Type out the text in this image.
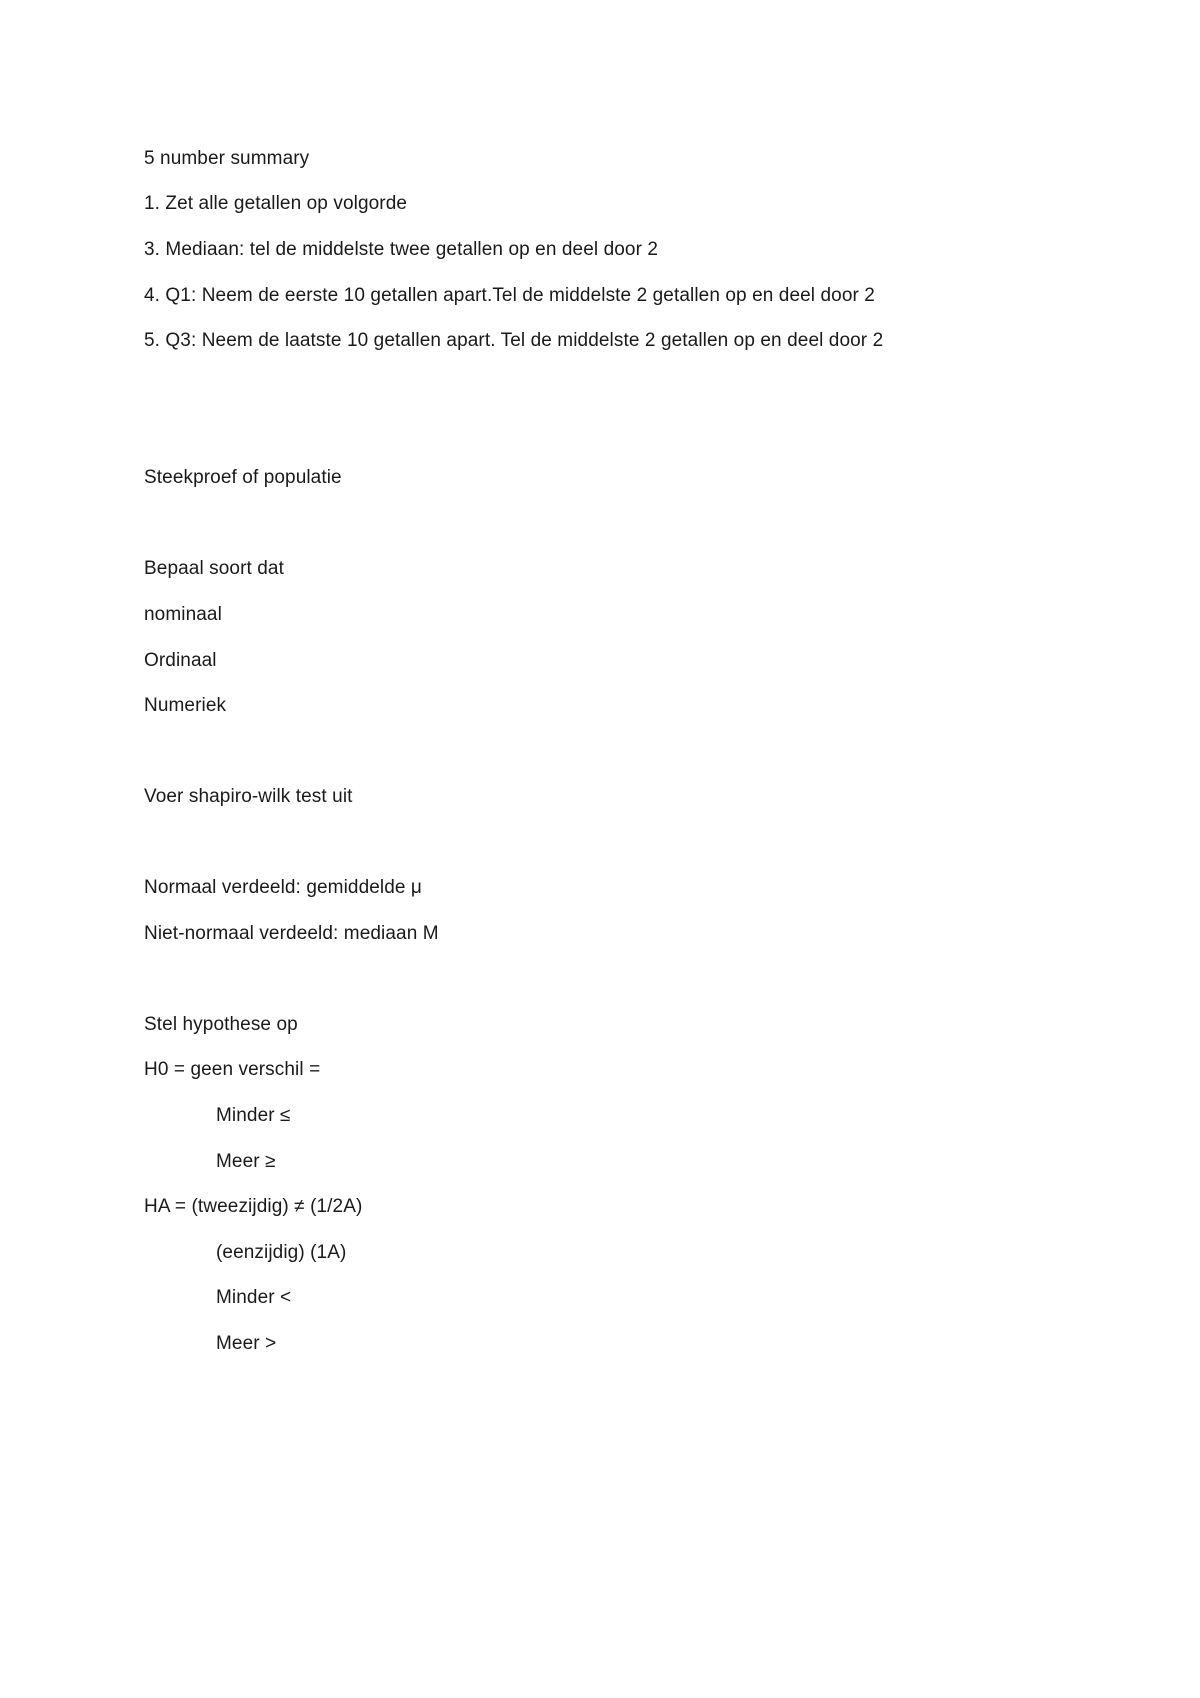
5 number summary
1. Zet alle getallen op volgorde
3. Mediaan: tel de middelste twee getallen op en deel door 2
4. Q1: Neem de eerste 10 getallen apart.Tel de middelste 2 getallen op en deel door 2
5. Q3: Neem de laatste 10 getallen apart. Tel de middelste 2 getallen op en deel door 2
Steekproef of populatie
Bepaal soort dat
nominaal
Ordinaal
Numeriek
Voer shapiro-wilk test uit
Normaal verdeeld: gemiddelde μ
Niet-normaal verdeeld: mediaan M
Stel hypothese op
H0 = geen verschil =
Minder ≤
Meer ≥
HA = (tweezijdig) ≠ (1/2A)
(eenzijdig) (1A)
Minder <
Meer >
